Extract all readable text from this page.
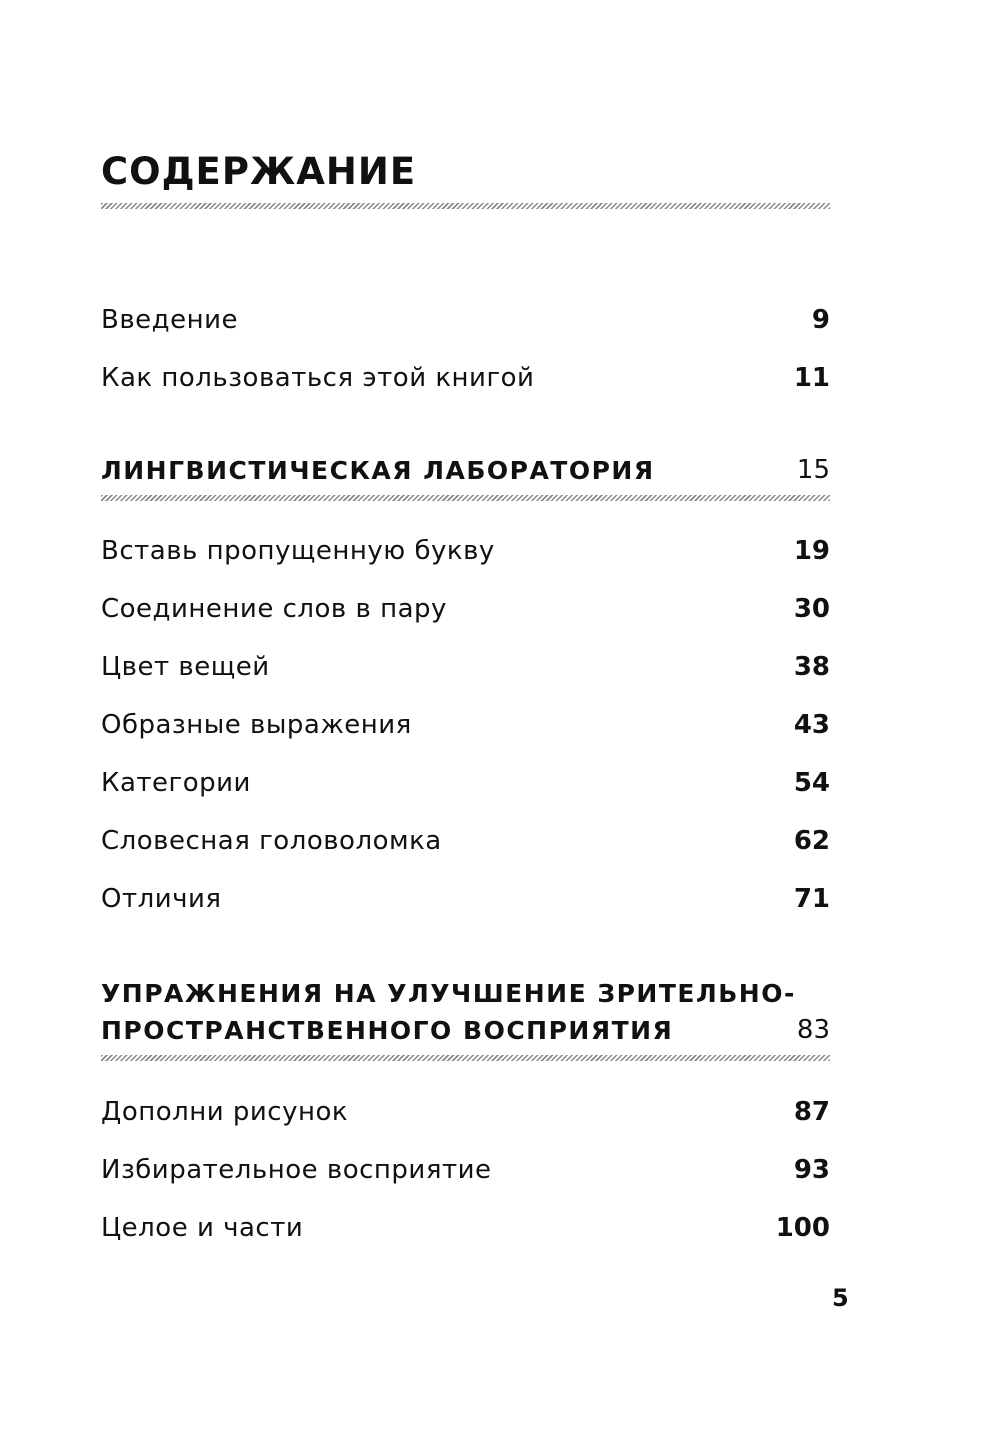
СОДЕРЖАНИЕ
Введение	9
Как пользоваться этой книгой	11
ЛИНГВИСТИЧЕСКАЯ ЛАБОРАТОРИЯ	15
Вставь пропущенную букву	19
Соединение слов в пару	30
Цвет вещей	38
Образные выражения	43
Категории	54
Словесная головоломка	62
Отличия	71
УПРАЖНЕНИЯ НА УЛУЧШЕНИЕ ЗРИТЕЛЬНО-
ПРОСТРАНСТВЕННОГО ВОСПРИЯТИЯ	83
Дополни рисунок	87
Избирательное восприятие	93
Целое и части	100
5
